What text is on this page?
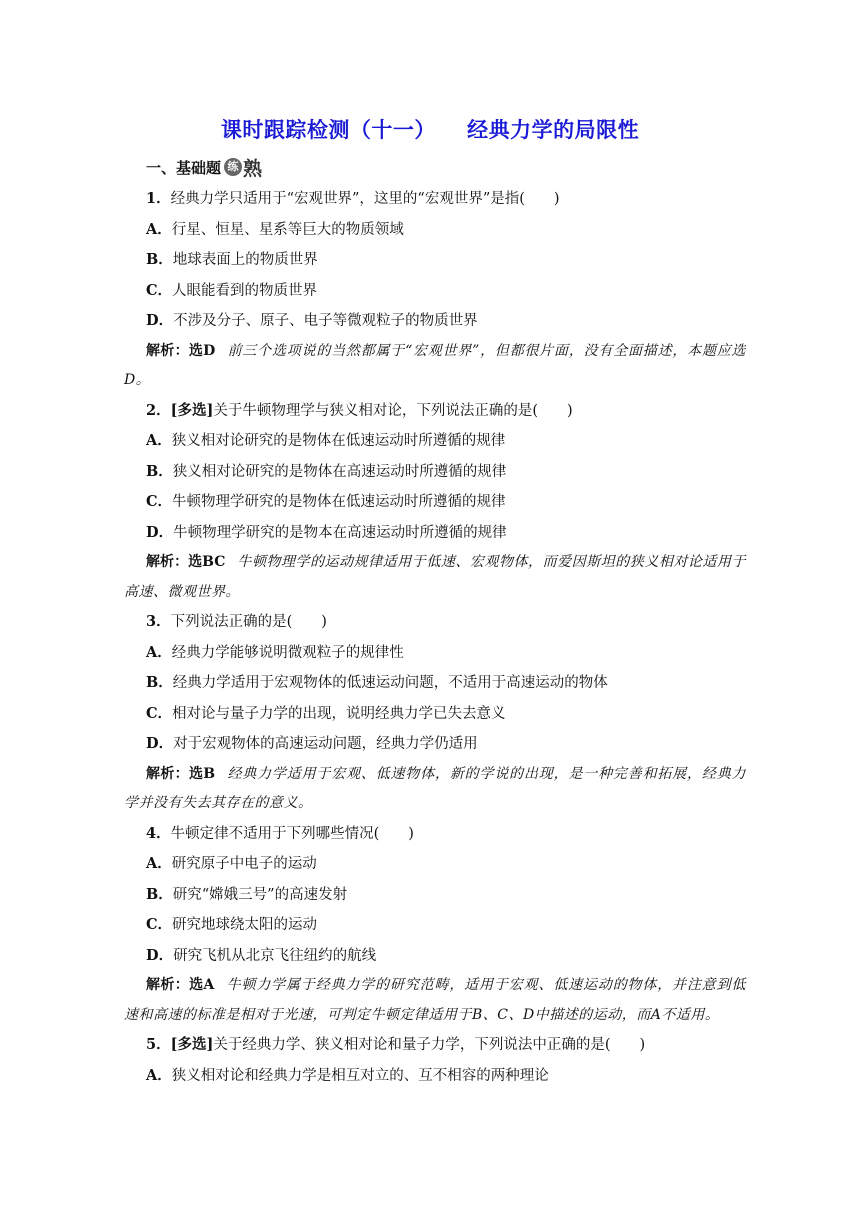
课时跟踪检测（十一）    经典力学的局限性
一、基础题 练 熟
1．经典力学只适用于“宏观世界”，这里的“宏观世界”是指(　　)
A．行星、恒星、星系等巨大的物质领域
B．地球表面上的物质世界
C．人眼能看到的物质世界
D．不涉及分子、原子、电子等微观粒子的物质世界
解析：选D 前三个选项说的当然都属于“宏观世界”，但都很片面，没有全面描述，本题应选D。
2．[多选]关于牛顿物理学与狭义相对论，下列说法正确的是(　　)
A．狭义相对论研究的是物体在低速运动时所遵循的规律
B．狭义相对论研究的是物体在高速运动时所遵循的规律
C．牛顿物理学研究的是物体在低速运动时所遵循的规律
D．牛顿物理学研究的是物本在高速运动时所遵循的规律
解析：选BC 牛顿物理学的运动规律适用于低速、宏观物体，而爱因斯坦的狭义相对论适用于高速、微观世界。
3．下列说法正确的是(　　)
A．经典力学能够说明微观粒子的规律性
B．经典力学适用于宏观物体的低速运动问题，不适用于高速运动的物体
C．相对论与量子力学的出现，说明经典力学已失去意义
D．对于宏观物体的高速运动问题，经典力学仍适用
解析：选B 经典力学适用于宏观、低速物体，新的学说的出现，是一种完善和拓展，经典力学并没有失去其存在的意义。
4．牛顿定律不适用于下列哪些情况(　　)
A．研究原子中电子的运动
B．研究“嫦娥三号”的高速发射
C．研究地球绕太阳的运动
D．研究飞机从北京飞往纽约的航线
解析：选A 牛顿力学属于经典力学的研究范畴，适用于宏观、低速运动的物体，并注意到低速和高速的标准是相对于光速，可判定牛顿定律适用于B、C、D中描述的运动，而A不适用。
5．[多选]关于经典力学、狭义相对论和量子力学，下列说法中正确的是(　　)
A．狭义相对论和经典力学是相互对立的、互不相容的两种理论
